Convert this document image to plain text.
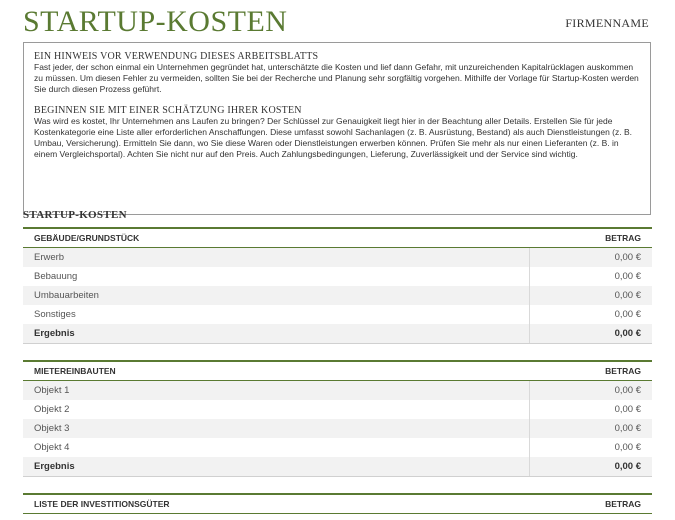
STARTUP-KOSTEN	FIRMENNAME
EIN HINWEIS VOR VERWENDUNG DIESES ARBEITSBLATTS

Fast jeder, der schon einmal ein Unternehmen gegründet hat, unterschätzte die Kosten und lief dann Gefahr, mit unzureichenden Kapitalrücklagen auskommen zu müssen. Um diesen Fehler zu vermeiden, sollten Sie bei der Recherche und Planung sehr sorgfältig vorgehen. Mithilfe der Vorlage für Startup-Kosten werden Sie durch diesen Prozess geführt.

BEGINNEN SIE MIT EINER SCHÄTZUNG IHRER KOSTEN

Was wird es kostet, Ihr Unternehmen ans Laufen zu bringen? Der Schlüssel zur Genauigkeit liegt hier in der Beachtung aller Details. Erstellen Sie für jede Kostenkategorie eine Liste aller erforderlichen Anschaffungen. Diese umfasst sowohl Sachanlagen (z. B. Ausrüstung, Bestand) als auch Dienstleistungen (z. B. Umbau, Versicherung). Ermitteln Sie dann, wo Sie diese Waren oder Dienstleistungen erwerben können. Prüfen Sie mehr als nur einen Lieferanten (z. B. in einem Vergleichsportal). Achten Sie nicht nur auf den Preis. Auch Zahlungsbedingungen, Lieferung, Zuverlässigkeit und der Service sind wichtig.

STARTUP-KOSTEN
GEBÄUDE/GRUNDSTÜCK	BETRAG
Erwerb	0,00 €
Bebauung	0,00 €
Umbauarbeiten	0,00 €
Sonstiges	0,00 €
Ergebnis	0,00 €
MIETEREINBAUTEN	BETRAG
Objekt 1	0,00 €
Objekt 2	0,00 €
Objekt 3	0,00 €
Objekt 4	0,00 €
Ergebnis	0,00 €
LISTE DER INVESTITIONSGÜTER	BETRAG
